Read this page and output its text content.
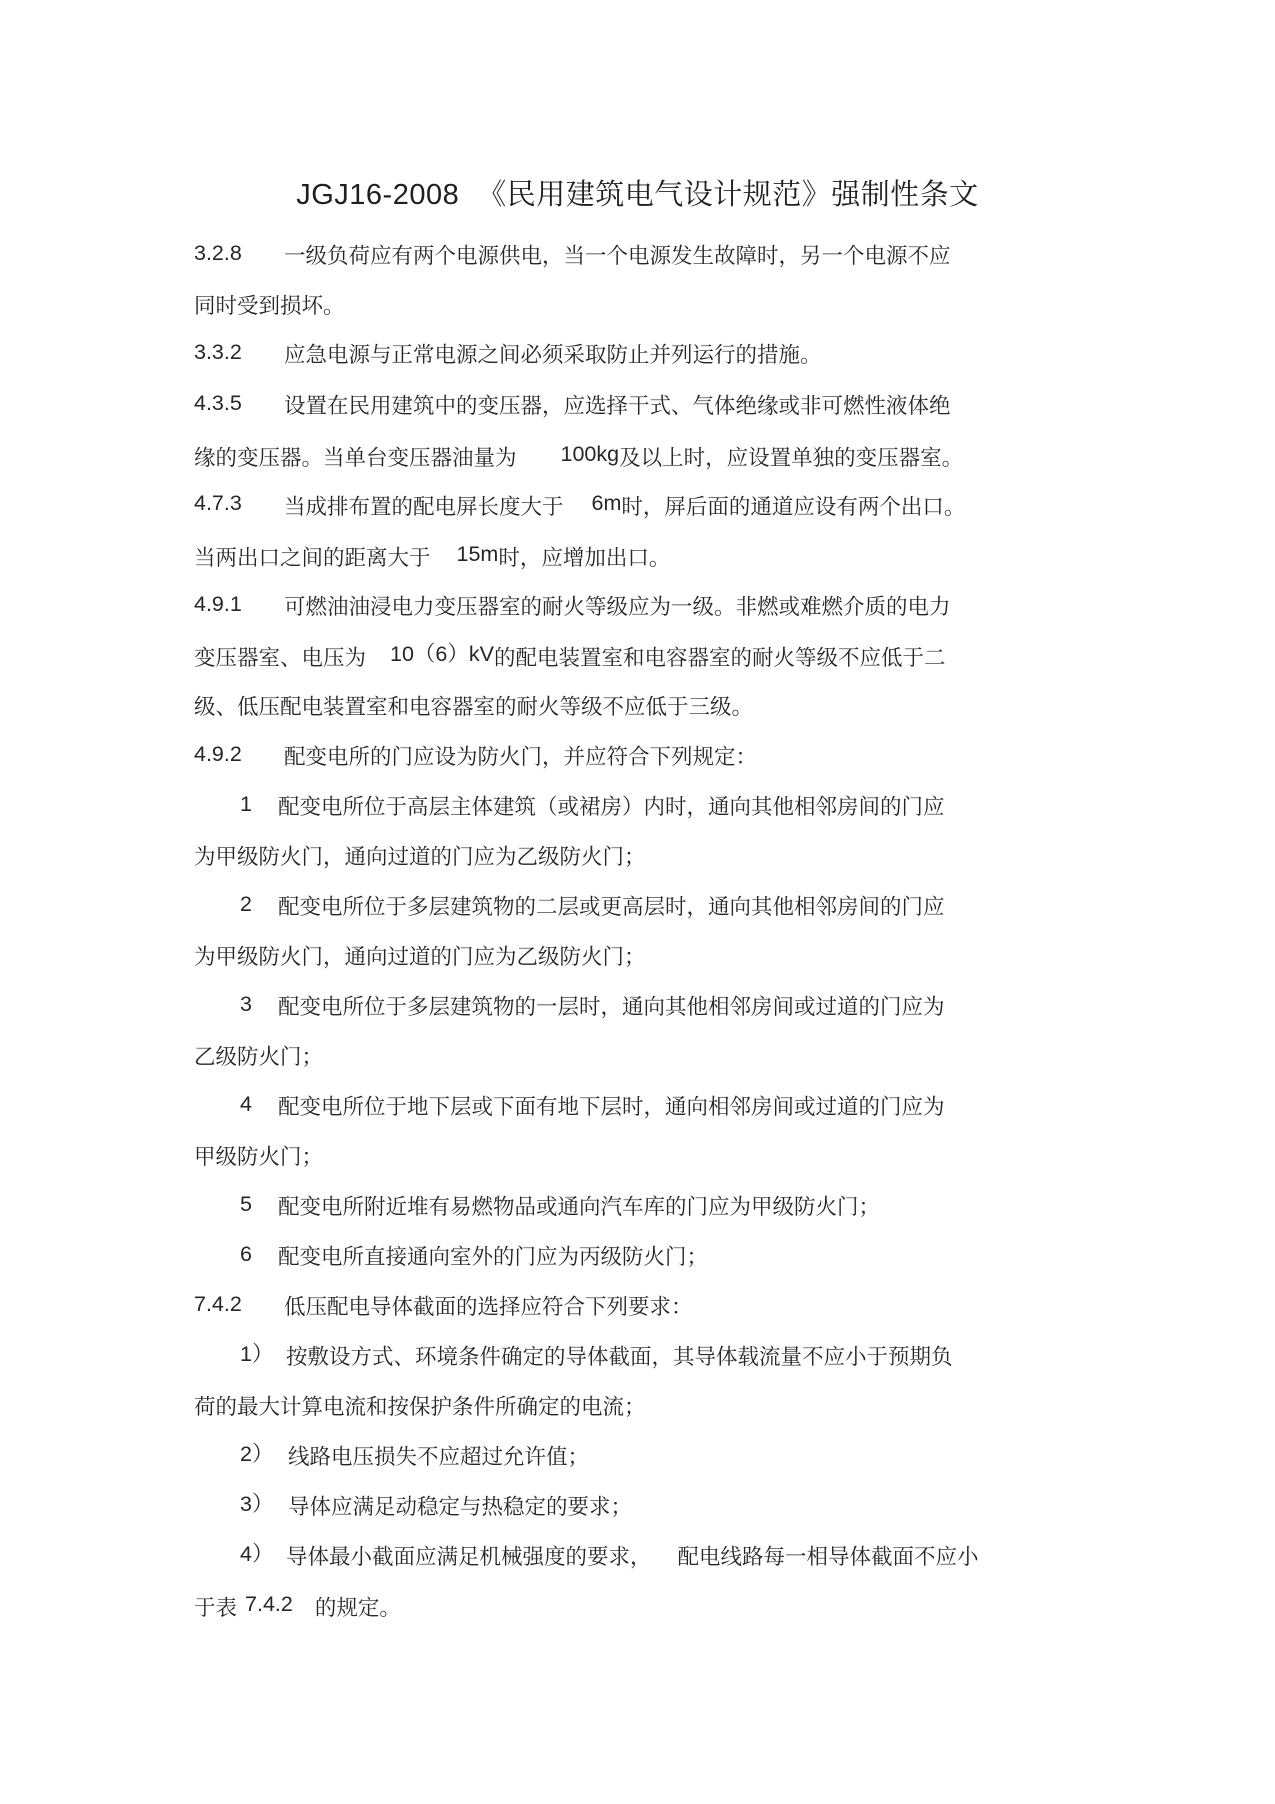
JGJ16-2008 《民用建筑电气设计规范》强制性条文
3.2.8 一级负荷应有两个电源供电，当一个电源发生故障时，另一个电源不应
同时受到损坏。
3.3.2 应急电源与正常电源之间必须采取防止并列运行的措施。
4.3.5 设置在民用建筑中的变压器，应选择干式、气体绝缘或非可燃性液体绝
缘的变压器。当单台变压器油量为 100kg及以上时，应设置单独的变压器室。
4.7.3 当成排布置的配电屏长度大于 6m时，屏后面的通道应设有两个出口。
当两出口之间的距离大于 15m时，应增加出口。
4.9.1 可燃油油浸电力变压器室的耐火等级应为一级。非燃或难燃介质的电力
变压器室、电压为 10（6）kV的配电装置室和电容器室的耐火等级不应低于二
级、低压配电装置室和电容器室的耐火等级不应低于三级。
4.9.2 配变电所的门应设为防火门，并应符合下列规定：
1 配变电所位于高层主体建筑（或裙房）内时，通向其他相邻房间的门应
为甲级防火门，通向过道的门应为乙级防火门；
2 配变电所位于多层建筑物的二层或更高层时，通向其他相邻房间的门应
为甲级防火门，通向过道的门应为乙级防火门；
3 配变电所位于多层建筑物的一层时，通向其他相邻房间或过道的门应为
乙级防火门；
4 配变电所位于地下层或下面有地下层时，通向相邻房间或过道的门应为
甲级防火门；
5 配变电所附近堆有易燃物品或通向汽车库的门应为甲级防火门；
6 配变电所直接通向室外的门应为丙级防火门；
7.4.2 低压配电导体截面的选择应符合下列要求：
1） 按敷设方式、环境条件确定的导体截面，其导体载流量不应小于预期负
荷的最大计算电流和按保护条件所确定的电流；
2） 线路电压损失不应超过允许值；
3） 导体应满足动稳定与热稳定的要求；
4） 导体最小截面应满足机械强度的要求， 配电线路每一相导体截面不应小
于表 7.4.2 的规定。
